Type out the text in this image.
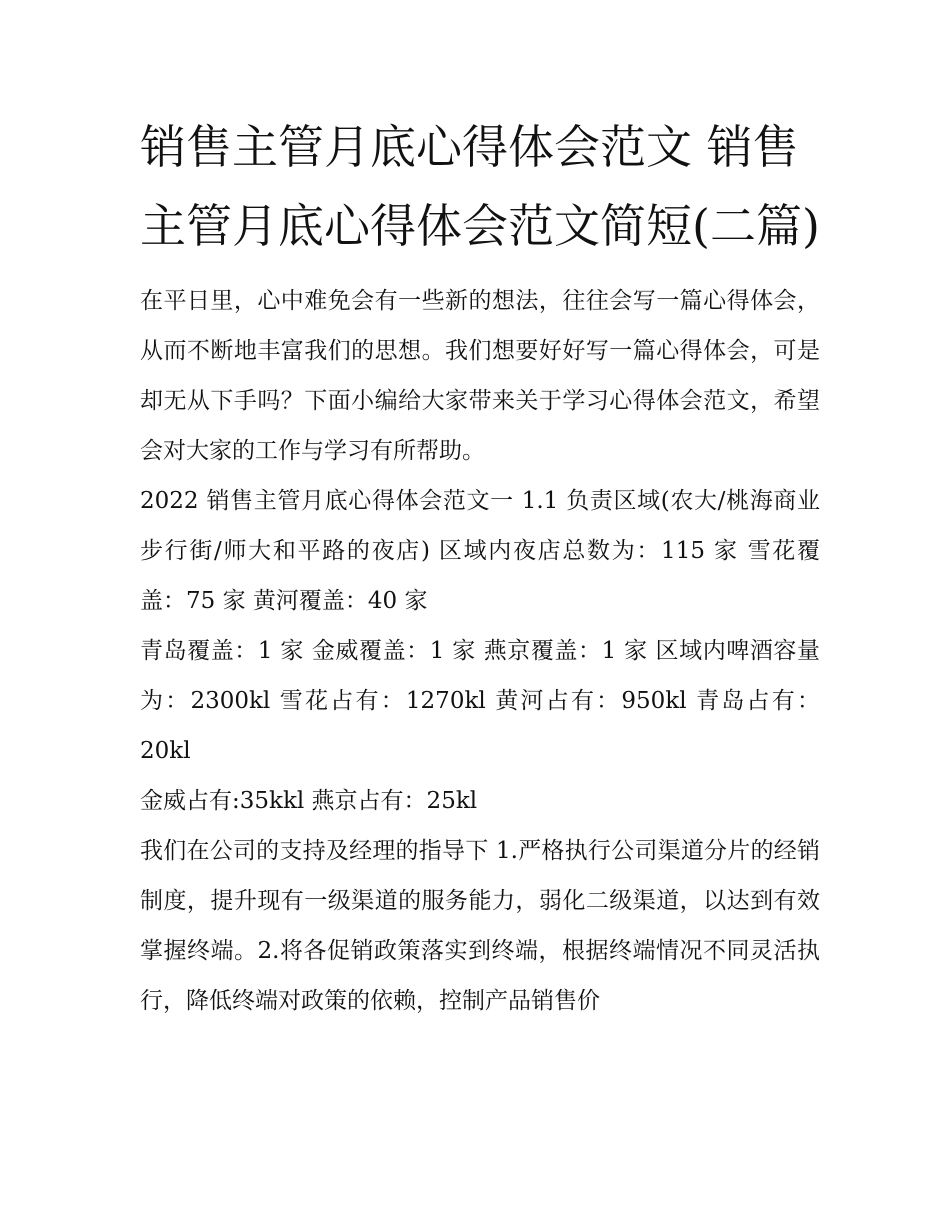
销售主管月底心得体会范文 销售主管月底心得体会范文简短(二篇)

在平日里，心中难免会有一些新的想法，往往会写一篇心得体会，从而不断地丰富我们的思想。我们想要好好写一篇心得体会，可是却无从下手吗？下面小编给大家带来关于学习心得体会范文，希望会对大家的工作与学习有所帮助。

2022 销售主管月底心得体会范文一 1.1 负责区域(农大/桃海商业步行街/师大和平路的夜店) 区域内夜店总数为：115 家 雪花覆盖：75 家 黄河覆盖：40 家

青岛覆盖：1 家 金威覆盖：1 家 燕京覆盖：1 家 区域内啤酒容量为：2300kl 雪花占有：1270kl 黄河占有：950kl 青岛占有：20kl

金威占有:35kkl 燕京占有：25kl

我们在公司的支持及经理的指导下 1.严格执行公司渠道分片的经销制度，提升现有一级渠道的服务能力，弱化二级渠道，以达到有效掌握终端。2.将各促销政策落实到终端，根据终端情况不同灵活执行，降低终端对政策的依赖，控制产品销售价
